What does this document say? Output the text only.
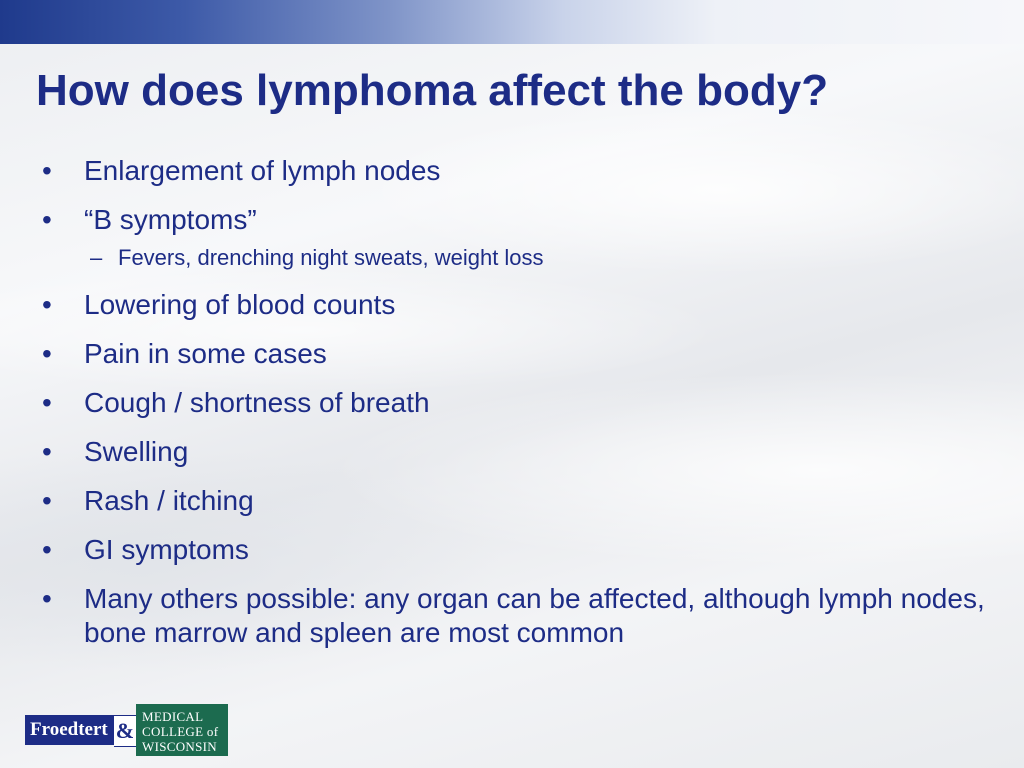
How does lymphoma affect the body?
• Enlargement of lymph nodes
• “B symptoms”
– Fevers, drenching night sweats, weight loss
• Lowering of blood counts
• Pain in some cases
• Cough / shortness of breath
• Swelling
• Rash / itching
• GI symptoms
• Many others possible: any organ can be affected, although lymph nodes, bone marrow and spleen are most common
Froedtert &
MEDICAL
COLLEGE of
WISCONSIN
